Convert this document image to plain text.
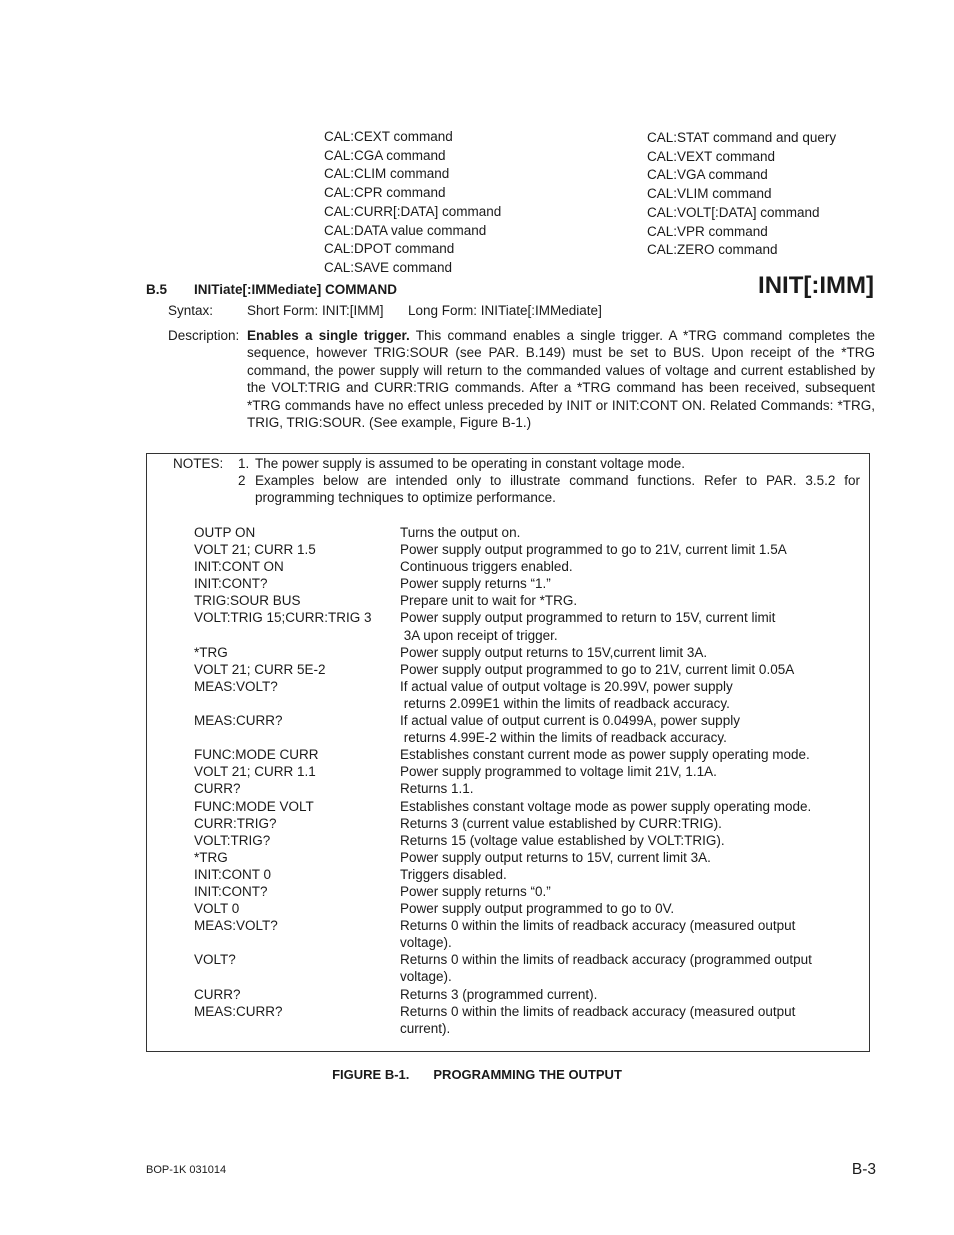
CAL:CEXT command
CAL:CGA command
CAL:CLIM command
CAL:CPR command
CAL:CURR[:DATA] command
CAL:DATA value command
CAL:DPOT command
CAL:SAVE command
CAL:STAT command and query
CAL:VEXT command
CAL:VGA command
CAL:VLIM command
CAL:VOLT[:DATA] command
CAL:VPR command
CAL:ZERO command
B.5 INITiate[:IMMediate] COMMAND	INIT[:IMM]
Syntax:	Short Form: INIT:[IMM] Long Form: INITiate[:IMMediate]
Description: Enables a single trigger. This command enables a single trigger. A *TRG command completes the sequence, however TRIG:SOUR (see PAR. B.149) must be set to BUS. Upon receipt of the *TRG command, the power supply will return to the commanded values of voltage and current established by the VOLT:TRIG and CURR:TRIG commands. After a *TRG command has been received, subsequent *TRG commands have no effect unless preceded by INIT or INIT:CONT ON. Related Commands: *TRG, TRIG, TRIG:SOUR. (See example, Figure B-1.)
NOTES: 1. The power supply is assumed to be operating in constant voltage mode.
2 Examples below are intended only to illustrate command functions. Refer to PAR. 3.5.2 for programming techniques to optimize performance.
OUTP ON	Turns the output on.
VOLT 21; CURR 1.5	Power supply output programmed to go to 21V, current limit 1.5A
INIT:CONT ON	Continuous triggers enabled.
INIT:CONT?	Power supply returns “1.”
TRIG:SOUR BUS	Prepare unit to wait for *TRG.
VOLT:TRIG 15;CURR:TRIG 3	Power supply output programmed to return to 15V, current limit
3A upon receipt of trigger.
*TRG	Power supply output returns to 15V,current limit 3A.
VOLT 21; CURR 5E-2	Power supply output programmed to go to 21V, current limit 0.05A
MEAS:VOLT?	If actual value of output voltage is 20.99V, power supply
returns 2.099E1 within the limits of readback accuracy.
MEAS:CURR?	If actual value of output current is 0.0499A, power supply
returns 4.99E-2 within the limits of readback accuracy.
FUNC:MODE CURR	Establishes constant current mode as power supply operating mode.
VOLT 21; CURR 1.1	Power supply programmed to voltage limit 21V, 1.1A.
CURR?	Returns 1.1.
FUNC:MODE VOLT	Establishes constant voltage mode as power supply operating mode.
CURR:TRIG?	Returns 3 (current value established by CURR:TRIG).
VOLT:TRIG?	Returns 15 (voltage value established by VOLT:TRIG).
*TRG	Power supply output returns to 15V, current limit 3A.
INIT:CONT 0	Triggers disabled.
INIT:CONT?	Power supply returns “0.”
VOLT 0	Power supply output programmed to go to 0V.
MEAS:VOLT?	Returns 0 within the limits of readback accuracy (measured output
voltage).
VOLT?	Returns 0 within the limits of readback accuracy (programmed output
voltage).
CURR?	Returns 3 (programmed current).
MEAS:CURR?	Returns 0 within the limits of readback accuracy (measured output
current).
FIGURE B-1. PROGRAMMING THE OUTPUT
BOP-1K 031014	B-3
